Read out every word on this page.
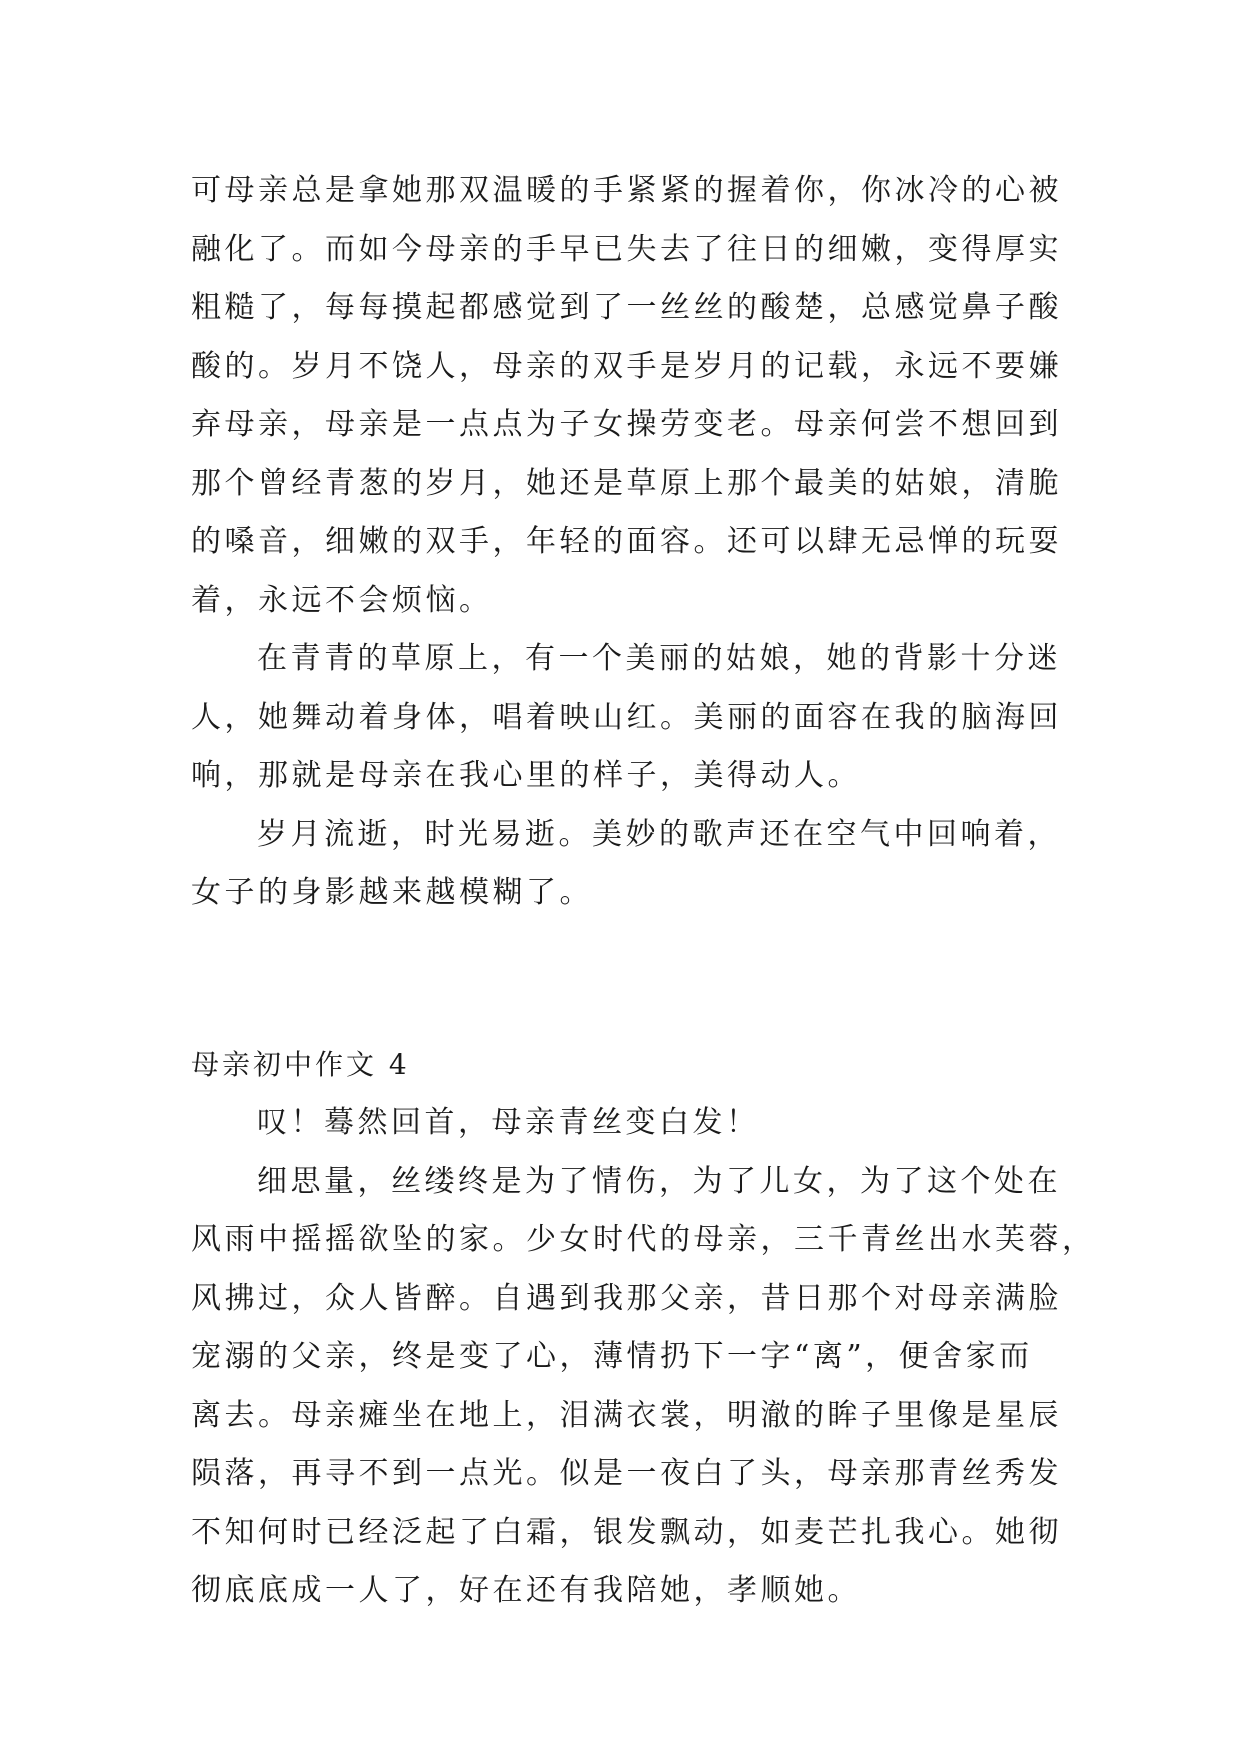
可母亲总是拿她那双温暖的手紧紧的握着你，你冰冷的心被
融化了。而如今母亲的手早已失去了往日的细嫩，变得厚实
粗糙了，每每摸起都感觉到了一丝丝的酸楚，总感觉鼻子酸
酸的。岁月不饶人，母亲的双手是岁月的记载，永远不要嫌
弃母亲，母亲是一点点为子女操劳变老。母亲何尝不想回到
那个曾经青葱的岁月，她还是草原上那个最美的姑娘，清脆
的嗓音，细嫩的双手，年轻的面容。还可以肆无忌惮的玩耍
着，永远不会烦恼。
在青青的草原上，有一个美丽的姑娘，她的背影十分迷
人，她舞动着身体，唱着映山红。美丽的面容在我的脑海回
响，那就是母亲在我心里的样子，美得动人。
岁月流逝，时光易逝。美妙的歌声还在空气中回响着，
女子的身影越来越模糊了。
母亲初中作文 4
叹！蓦然回首，母亲青丝变白发！
细思量，丝缕终是为了情伤，为了儿女，为了这个处在
风雨中摇摇欲坠的家。少女时代的母亲，三千青丝出水芙蓉，
风拂过，众人皆醉。自遇到我那父亲，昔日那个对母亲满脸
宠溺的父亲，终是变了心，薄情扔下一字“离”，便舍家而
离去。母亲瘫坐在地上，泪满衣裳，明澈的眸子里像是星辰
陨落，再寻不到一点光。似是一夜白了头，母亲那青丝秀发
不知何时已经泛起了白霜，银发飘动，如麦芒扎我心。她彻
彻底底成一人了，好在还有我陪她，孝顺她。
